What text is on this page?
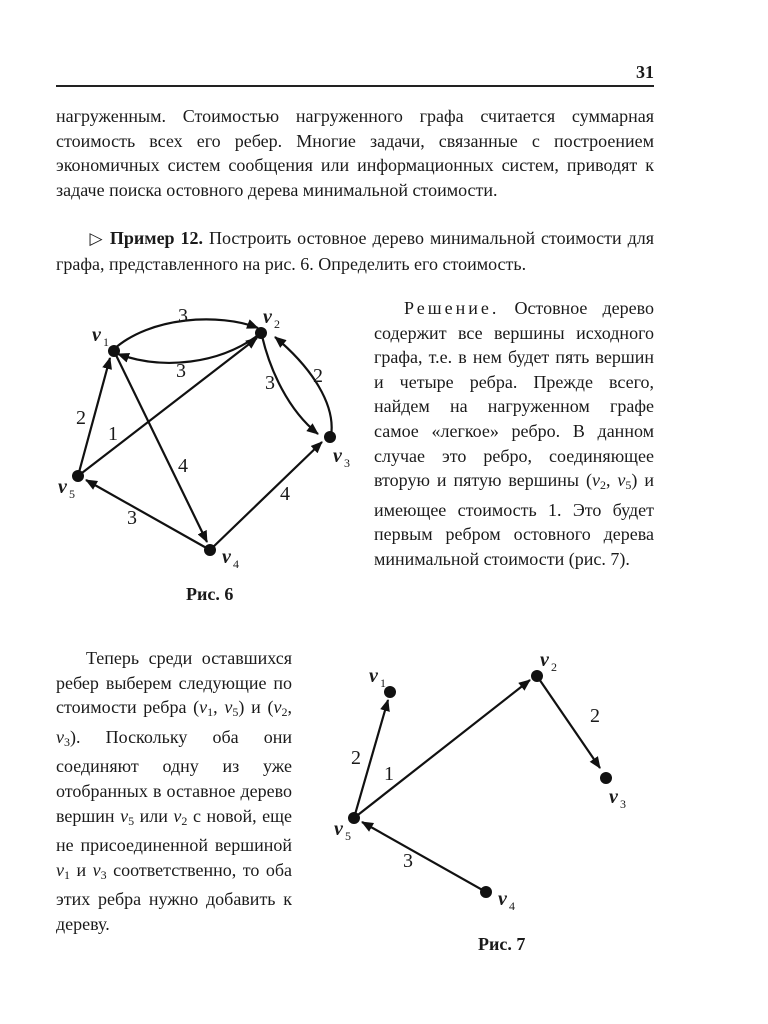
31
нагруженным. Стоимостью нагруженного графа считается суммарная стоимость всех его ребер. Многие задачи, связанные с построением экономичных систем сообщения или информационных систем, приводят к задаче поиска остовного дерева минимальной стоимости.
▷ Пример 12. Построить остовное дерево минимальной стоимости для графа, представленного на рис. 6. Определить его стоимость.
Решение. Остовное дерево содержит все вершины исходного графа, т.е. в нем будет пять вершин и четыре ребра. Прежде всего, найдем на нагруженном графе самое «легкое» ребро. В данном случае это ребро, соединяющее вторую и пятую вершины ($\nu_2$, $\nu_5$) и имеющее стоимость 1. Это будет первым ребром остовного дерева минимальной стоимости (рис. 7).
Теперь среди оставшихся ребер выберем следующие по стоимости ребра ($\nu_1$, $\nu_5$) и ($\nu_2$, $\nu_3$). Поскольку оба они соединяют одну из уже отобранных в оставное дерево вершин $\nu_5$ или $\nu_2$ с новой, еще не присоединенной вершиной $\nu_1$ и $\nu_3$ соответственно, то оба этих ребра нужно добавить к дереву.
v 1
v 2
v 3
v 4
v 5
3
3
3 2
2
1
4
4
3
v 1
v 2
v 3
v 4
v 5
2
1
2
3
Рис. 6
Рис. 7
